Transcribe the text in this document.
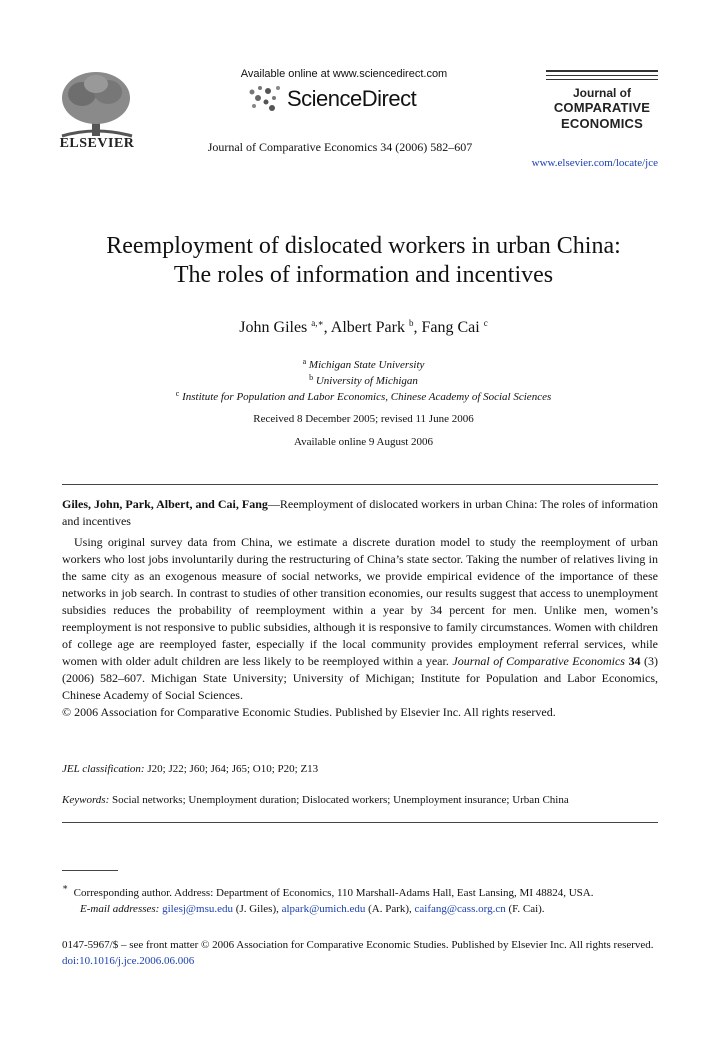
ELSEVIER
Available online at www.sciencedirect.com
ScienceDirect
Journal of Comparative Economics 34 (2006) 582–607
Journal of
COMPARATIVE
ECONOMICS
www.elsevier.com/locate/jce
Reemployment of dislocated workers in urban China:
The roles of information and incentives
John Giles $^{a,∗}$, Albert Park $^b$, Fang Cai $^c$
$^a$ Michigan State University
$^b$ University of Michigan
$^c$ Institute for Population and Labor Economics, Chinese Academy of Social Sciences
Received 8 December 2005; revised 11 June 2006
Available online 9 August 2006

Giles, John, Park, Albert, and Cai, Fang—Reemployment of dislocated workers in urban China: The roles of information and incentives

Using original survey data from China, we estimate a discrete duration model to study the reemployment of urban workers who lost jobs involuntarily during the restructuring of China’s state sector. Taking the number of relatives living in the same city as an exogenous measure of social networks, we provide empirical evidence of the importance of these networks in job search. In contrast to studies of other transition economies, our results suggest that access to unemployment subsidies reduces the probability of reemployment within a year by 34 percent for men. Unlike men, women’s reemployment is not responsive to public subsidies, although it is responsive to family circumstances. Women with children of college age are reemployed faster, especially if the local community provides employment referral services, while women with older adult children are less likely to be reemployed within a year. Journal of Comparative Economics 34 (3) (2006) 582–607. Michigan State University; University of Michigan; Institute for Population and Labor Economics, Chinese Academy of Social Sciences.

© 2006 Association for Comparative Economic Studies. Published by Elsevier Inc. All rights reserved.

JEL classification: J20; J22; J60; J64; J65; O10; P20; Z13
Keywords: Social networks; Unemployment duration; Dislocated workers; Unemployment insurance; Urban China

∗ Corresponding author. Address: Department of Economics, 110 Marshall-Adams Hall, East Lansing, MI 48824, USA.

E-mail addresses: gilesj@msu.edu (J. Giles), alpark@umich.edu (A. Park), caifang@cass.org.cn (F. Cai).

0147-5967/$ – see front matter © 2006 Association for Comparative Economic Studies. Published by Elsevier Inc. All rights reserved.

doi:10.1016/j.jce.2006.06.006
